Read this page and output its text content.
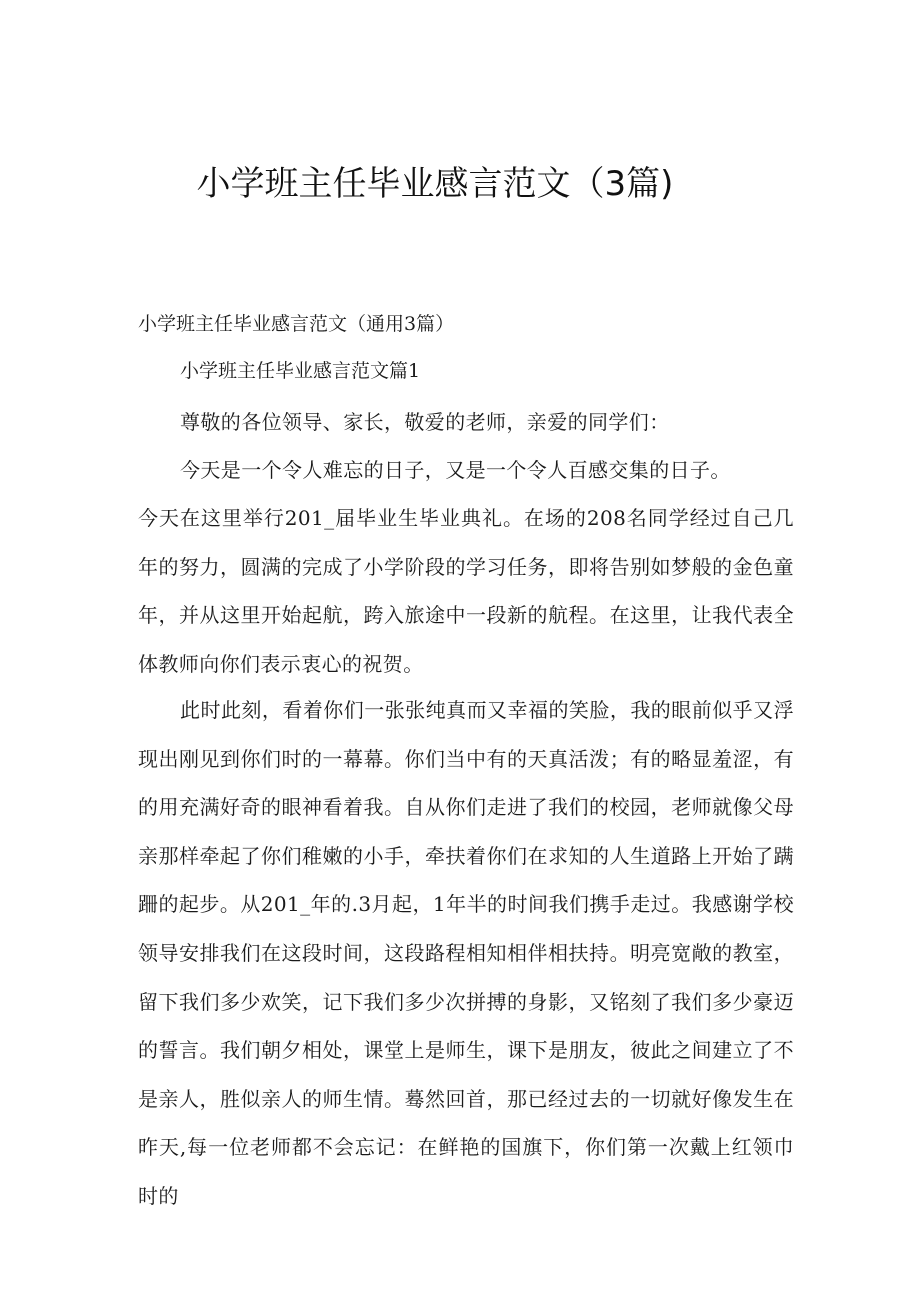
小学班主任毕业感言范文（3篇)

小学班主任毕业感言范文（通用3篇）

小学班主任毕业感言范文篇1

尊敬的各位领导、家长，敬爱的老师，亲爱的同学们：

今天是一个令人难忘的日子，又是一个令人百感交集的日子。

今天在这里举行201_届毕业生毕业典礼。在场的208名同学经过自己几年的努力，圆满的完成了小学阶段的学习任务，即将告别如梦般的金色童年，并从这里开始起航，跨入旅途中一段新的航程。在这里，让我代表全体教师向你们表示衷心的祝贺。

此时此刻，看着你们一张张纯真而又幸福的笑脸，我的眼前似乎又浮现出刚见到你们时的一幕幕。你们当中有的天真活泼；有的略显羞涩，有的用充满好奇的眼神看着我。自从你们走进了我们的校园，老师就像父母亲那样牵起了你们稚嫩的小手，牵扶着你们在求知的人生道路上开始了蹒跚的起步。从201_年的.3月起，1年半的时间我们携手走过。我感谢学校领导安排我们在这段时间，这段路程相知相伴相扶持。明亮宽敞的教室，留下我们多少欢笑，记下我们多少次拼搏的身影，又铭刻了我们多少豪迈的誓言。我们朝夕相处，课堂上是师生，课下是朋友，彼此之间建立了不是亲人，胜似亲人的师生情。蓦然回首，那已经过去的一切就好像发生在昨天,每一位老师都不会忘记：在鲜艳的国旗下，你们第一次戴上红领巾时的
